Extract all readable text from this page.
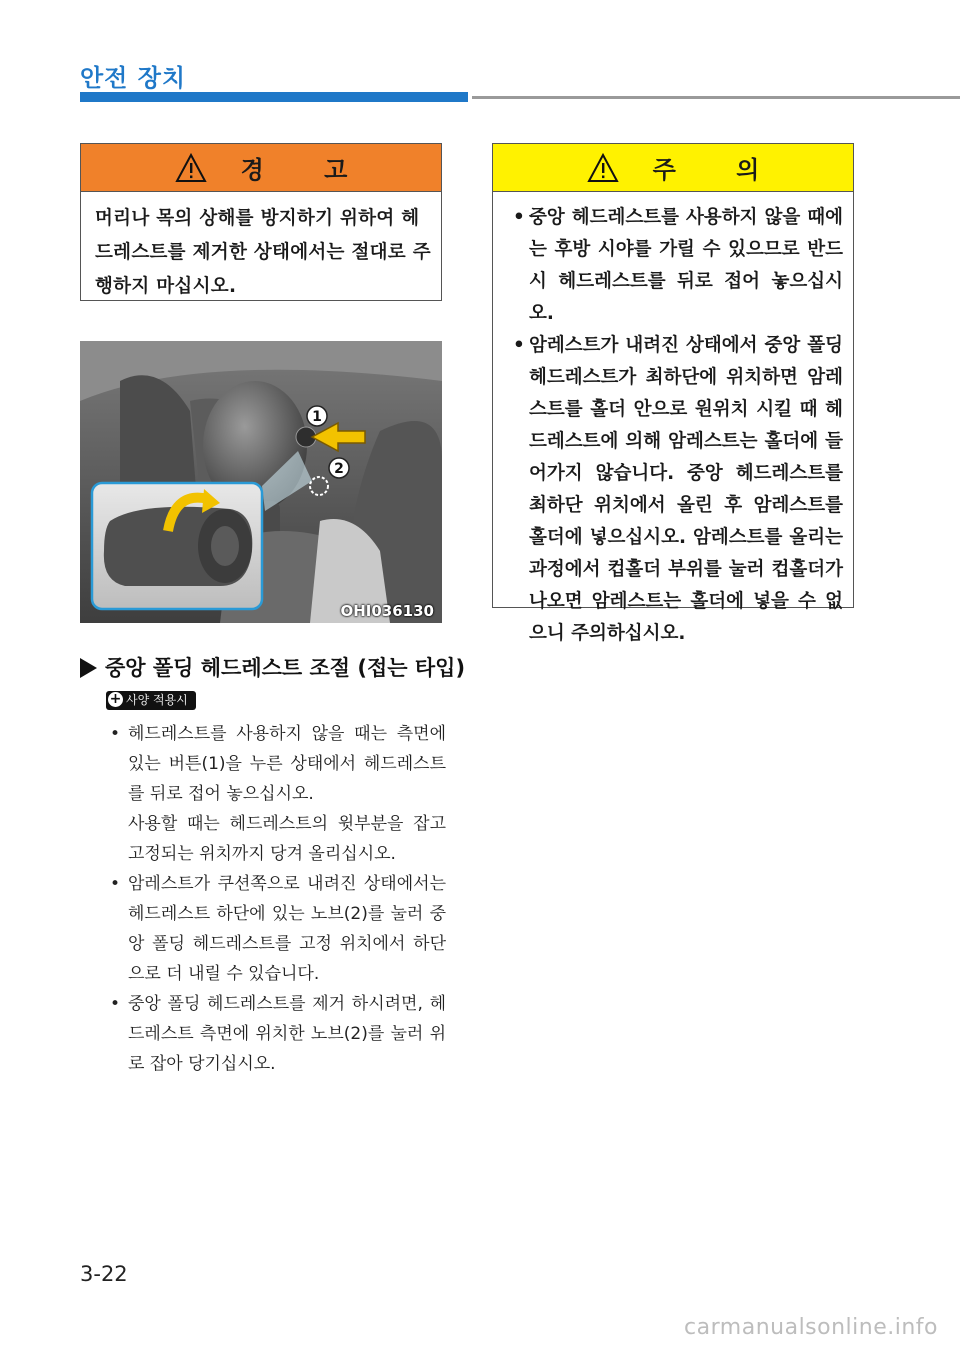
안전 장치
경 고
머리나 목의 상해를 방지하기 위하여 헤드레스트를 제거한 상태에서는 절대로 주행하지 마십시오.
주 의
• 중앙 헤드레스트를 사용하지 않을 때에는 후방 시야를 가릴 수 있으므로 반드시 헤드레스트를 뒤로 접어 놓으십시오.
• 암레스트가 내려진 상태에서 중앙 폴딩 헤드레스트가 최하단에 위치하면 암레스트를 홀더 안으로 원위치 시킬 때 헤드레스트에 의해 암레스트는 홀더에 들어가지 않습니다. 중앙 헤드레스트를 최하단 위치에서 올린 후 암레스트를 홀더에 넣으십시오. 암레스트를 올리는 과정에서 컵홀더 부위를 눌러 컵홀더가 나오면 암레스트는 홀더에 넣을 수 없으니 주의하십시오.
1
2
OHI036130
중앙 폴딩 헤드레스트 조절 (접는 타입)
+ 사양 적용시
• 헤드레스트를 사용하지 않을 때는 측면에 있는 버튼(1)을 누른 상태에서 헤드레스트를 뒤로 접어 놓으십시오.
사용할 때는 헤드레스트의 윗부분을 잡고 고정되는 위치까지 당겨 올리십시오.
• 암레스트가 쿠션쪽으로 내려진 상태에서는 헤드레스트 하단에 있는 노브(2)를 눌러 중앙 폴딩 헤드레스트를 고정 위치에서 하단으로 더 내릴 수 있습니다.
• 중앙 폴딩 헤드레스트를 제거 하시려면, 헤드레스트 측면에 위치한 노브(2)를 눌러 위로 잡아 당기십시오.
3-22
carmanualsonline.info
